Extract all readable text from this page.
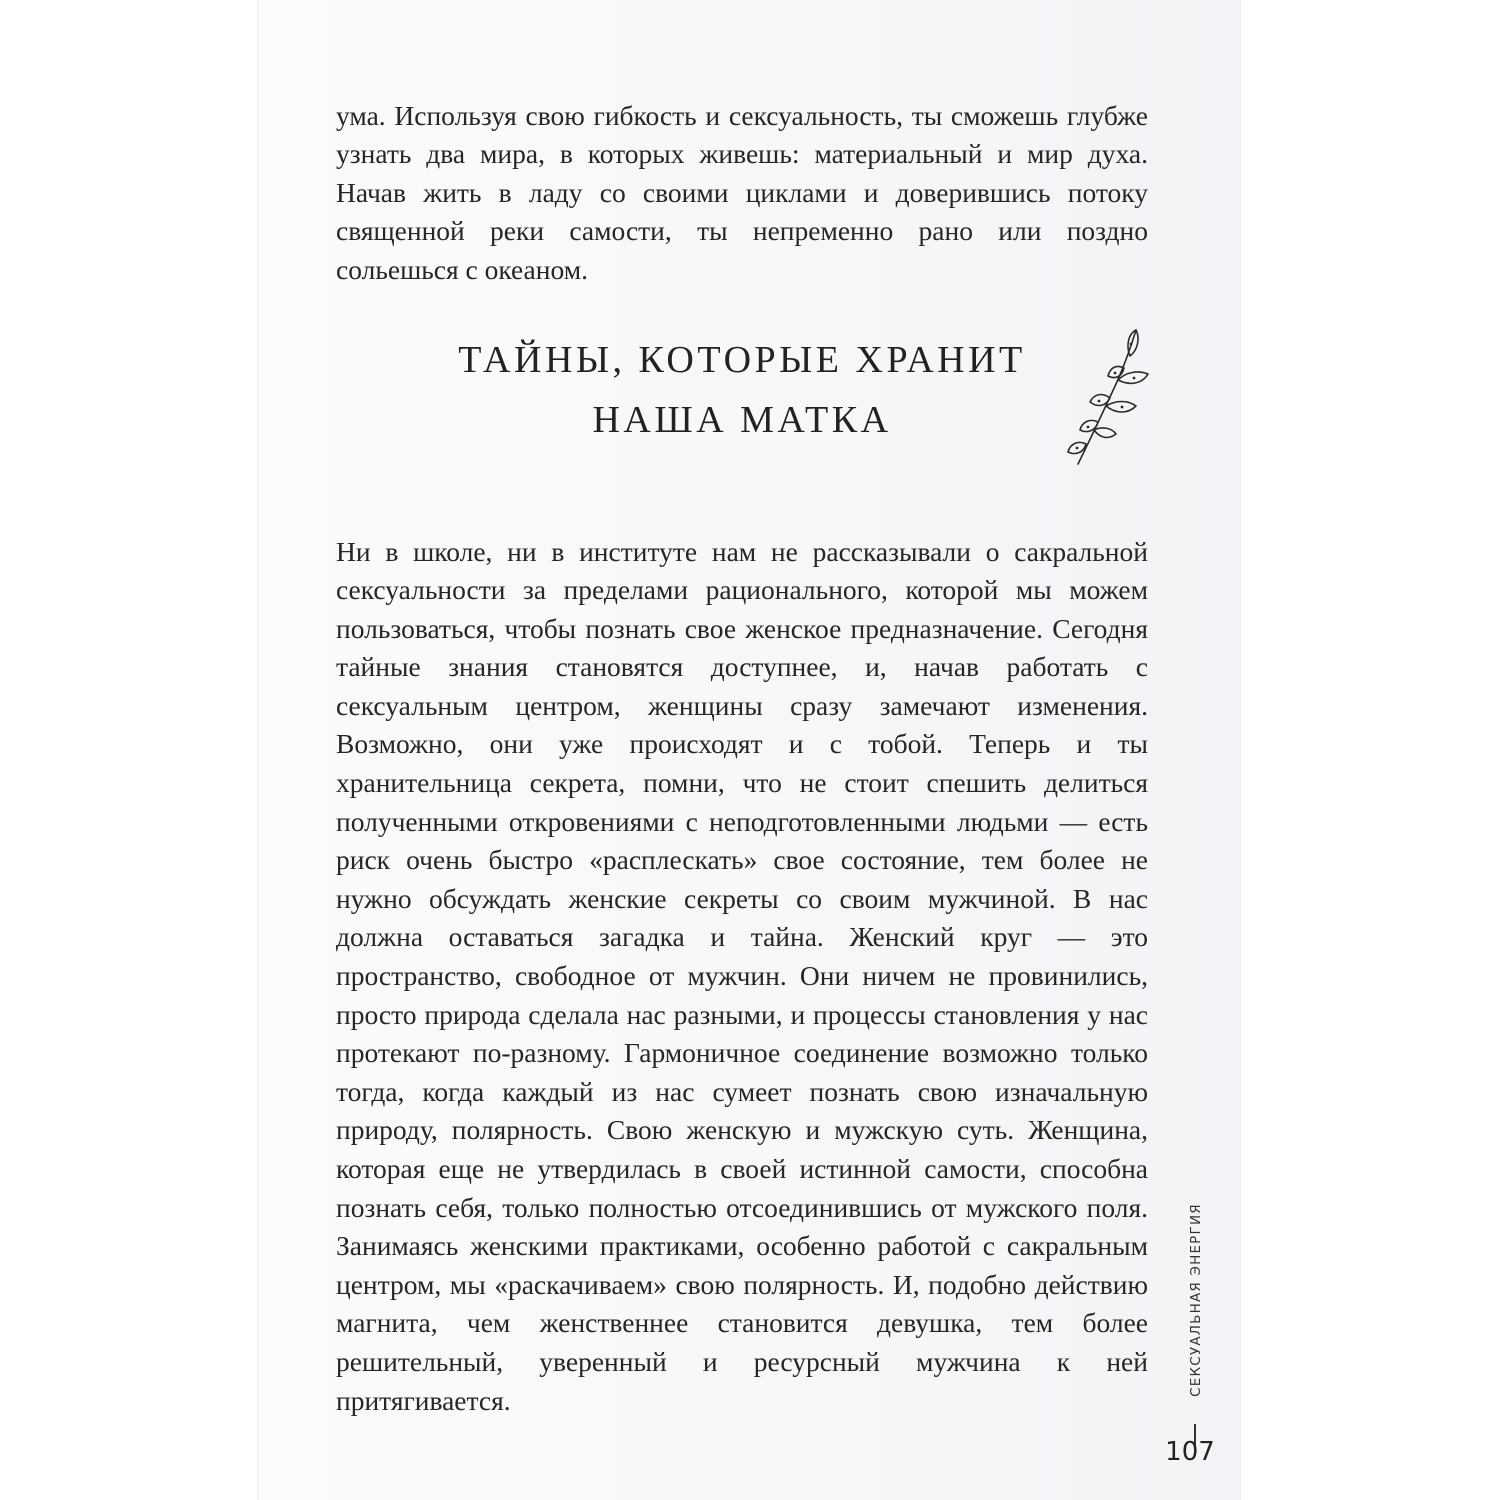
ума. Используя свою гибкость и сексуальность, ты сможешь глубже узнать два мира, в которых живешь: материальный и мир духа. Начав жить в ладу со своими циклами и доверившись потоку священной реки самости, ты непременно рано или поздно сольешься с океаном.

ТАЙНЫ, КОТОРЫЕ ХРАНИТ
НАША МАТКА

Ни в школе, ни в институте нам не рассказывали о сакральной сексуальности за пределами рационального, которой мы можем пользоваться, чтобы познать свое женское предназначение. Сегодня тайные знания становятся доступнее, и, начав работать с сексуальным центром, женщины сразу замечают изменения. Возможно, они уже происходят и с тобой. Теперь и ты хранительница секрета, помни, что не стоит спешить делиться полученными откровениями с неподготовленными людьми — есть риск очень быстро «расплескать» свое состояние, тем более не нужно обсуждать женские секреты со своим мужчиной. В нас должна оставаться загадка и тайна. Женский круг — это пространство, свободное от мужчин. Они ничем не провинились, просто природа сделала нас разными, и процессы становления у нас протекают по-разному. Гармоничное соединение возможно только тогда, когда каждый из нас сумеет познать свою изначальную природу, полярность. Свою женскую и мужскую суть. Женщина, которая еще не утвердилась в своей истинной самости, способна познать себя, только полностью отсоединившись от мужского поля. Занимаясь женскими практиками, особенно работой с сакральным центром, мы «раскачиваем» свою полярность. И, подобно действию магнита, чем женственнее становится девушка, тем более решительный, уверенный и ресурсный мужчина к ней притягивается.

СЕКСУАЛЬНАЯ ЭНЕРГИЯ
107
